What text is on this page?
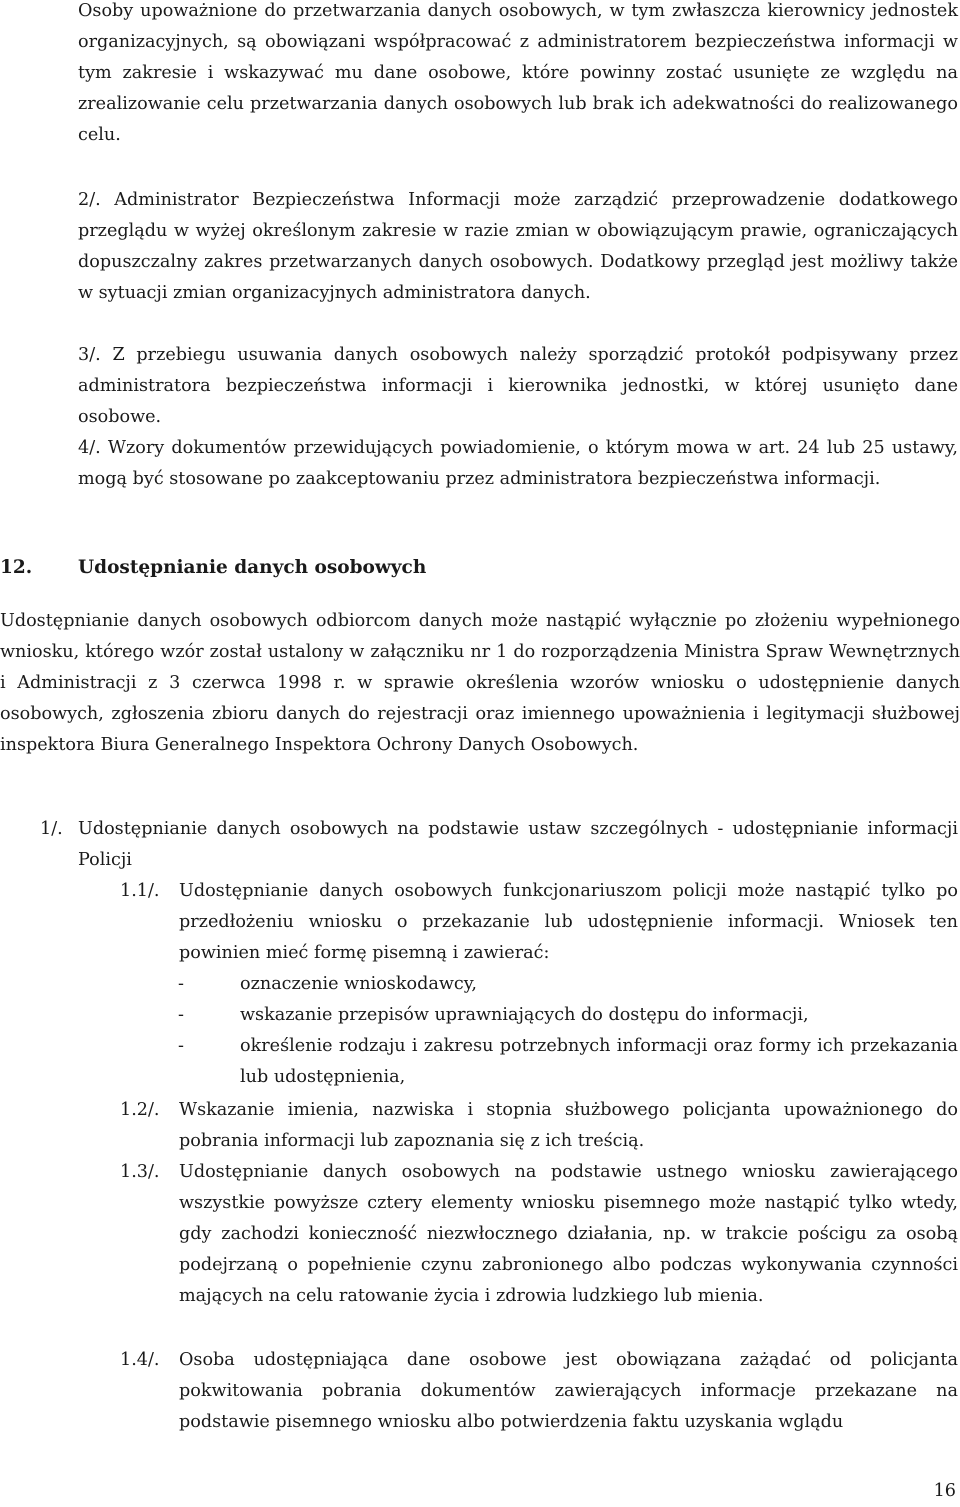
Osoby upoważnione do przetwarzania danych osobowych, w tym zwłaszcza kierownicy jednostek organizacyjnych, są obowiązani współpracować z administratorem bezpieczeństwa informacji w tym zakresie i wskazywać mu dane osobowe, które powinny zostać usunięte ze względu na zrealizowanie celu przetwarzania danych osobowych lub brak ich adekwatności do realizowanego celu.

2/. Administrator Bezpieczeństwa Informacji może zarządzić przeprowadzenie dodatkowego przeglądu w wyżej określonym zakresie w razie zmian w obowiązującym prawie, ograniczających dopuszczalny zakres przetwarzanych danych osobowych. Dodatkowy przegląd jest możliwy także w sytuacji zmian organizacyjnych administratora danych.
3/. Z przebiegu usuwania danych osobowych należy sporządzić protokół podpisywany przez administratora bezpieczeństwa informacji i kierownika jednostki, w której usunięto dane osobowe.
4/. Wzory dokumentów przewidujących powiadomienie, o którym mowa w art. 24 lub 25 ustawy, mogą być stosowane po zaakceptowaniu przez administratora bezpieczeństwa informacji.
12. Udostępnianie danych osobowych

Udostępnianie danych osobowych odbiorcom danych może nastąpić wyłącznie po złożeniu wypełnionego wniosku, którego wzór został ustalony w załączniku nr 1 do rozporządzenia Ministra Spraw Wewnętrznych i Administracji z 3 czerwca 1998 r. w sprawie określenia wzorów wniosku o udostępnienie danych osobowych, zgłoszenia zbioru danych do rejestracji oraz imiennego upoważnienia i legitymacji służbowej inspektora Biura Generalnego Inspektora Ochrony Danych Osobowych.

1/. Udostępnianie danych osobowych na podstawie ustaw szczególnych - udostępnianie informacji Policji
1.1/. Udostępnianie danych osobowych funkcjonariuszom policji może nastąpić tylko po przedłożeniu wniosku o przekazanie lub udostępnienie informacji. Wniosek ten powinien mieć formę pisemną i zawierać:
-	oznaczenie wnioskodawcy,
-	wskazanie przepisów uprawniających do dostępu do informacji,
-	określenie rodzaju i zakresu potrzebnych informacji oraz formy ich przekazania lub udostępnienia,
1.2/. Wskazanie imienia, nazwiska i stopnia służbowego policjanta upoważnionego do pobrania informacji lub zapoznania się z ich treścią.
1.3/. Udostępnianie danych osobowych na podstawie ustnego wniosku zawierającego wszystkie powyższe cztery elementy wniosku pisemnego może nastąpić tylko wtedy, gdy zachodzi konieczność niezwłocznego działania, np. w trakcie pościgu za osobą podejrzaną o popełnienie czynu zabronionego albo podczas wykonywania czynności mających na celu ratowanie życia i zdrowia ludzkiego lub mienia.
1.4/. Osoba udostępniająca dane osobowe jest obowiązana zażądać od policjanta pokwitowania pobrania dokumentów zawierających informacje przekazane na podstawie pisemnego wniosku albo potwierdzenia faktu uzyskania wglądu
16
